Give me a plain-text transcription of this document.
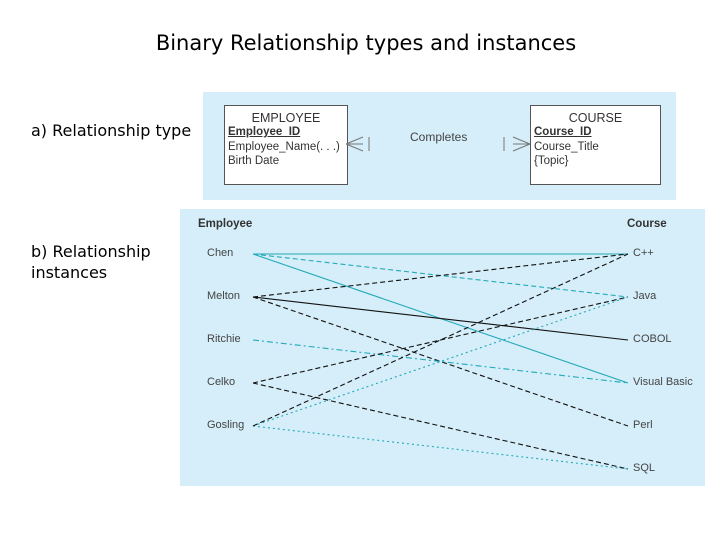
Binary Relationship types and instances
a) Relationship type
b) Relationship instances
EMPLOYEE
Employee_ID
Employee_Name(. . .)
Birth Date
Completes
COURSE
Course_ID
Course_Title
{Topic}
Employee	Course
Chen
Melton
Ritchie
Celko
Gosling
C++
Java
COBOL
Visual Basic
Perl
SQL
